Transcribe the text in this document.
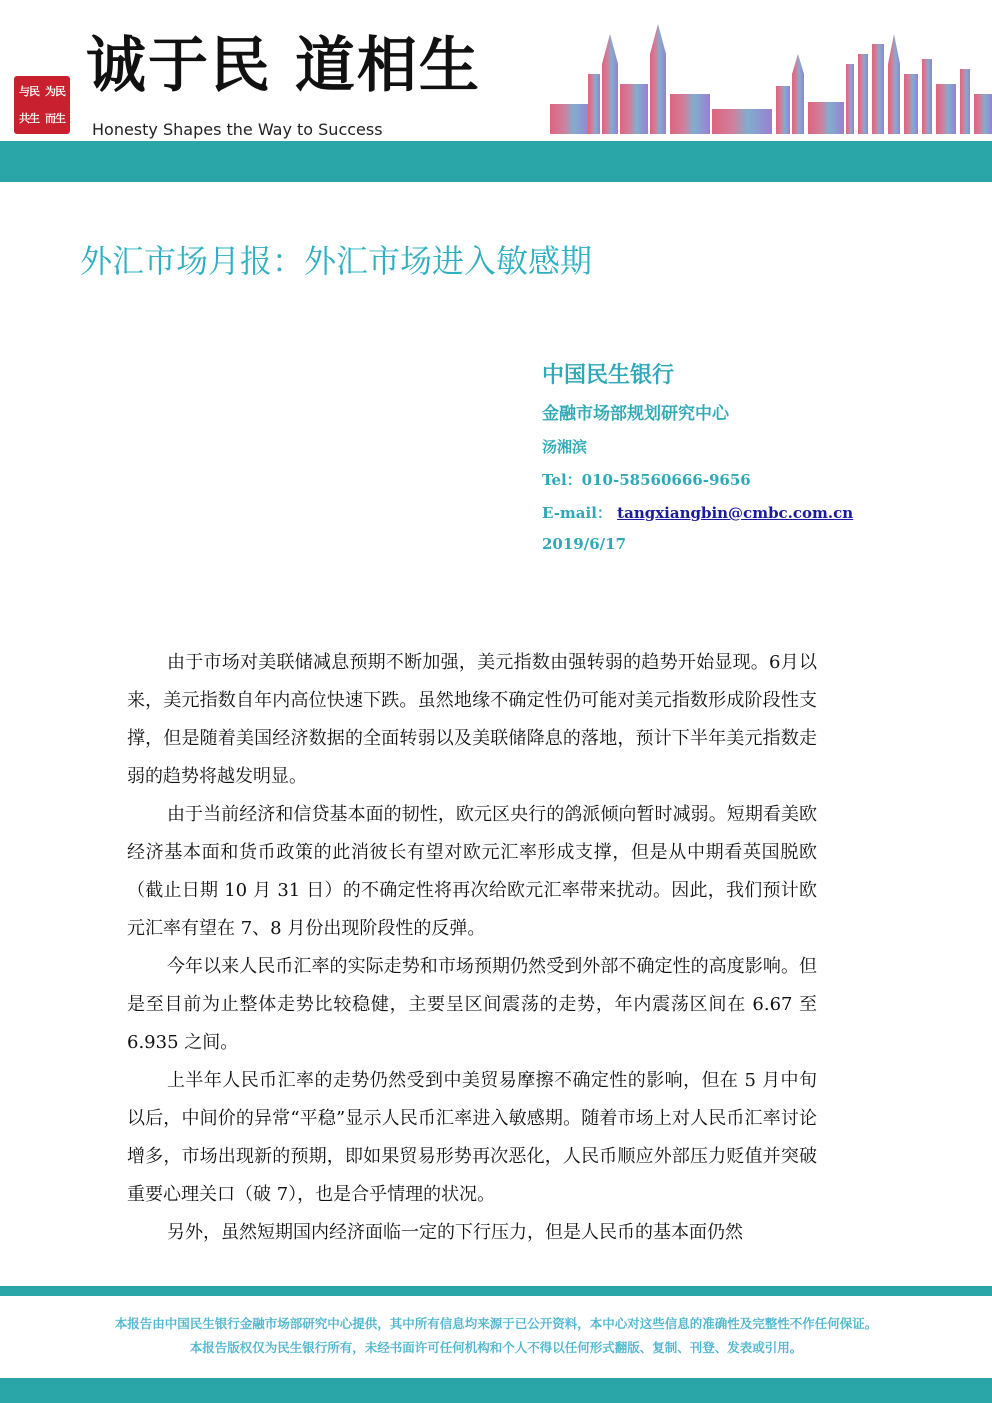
与民 为民
共生 而生
诚于民 道相生
Honesty Shapes the Way to Success
外汇市场月报：外汇市场进入敏感期
中国民生银行
金融市场部规划研究中心
汤湘滨
Tel：010-58560666-9656
E-mail： tangxiangbin@cmbc.com.cn
2019/6/17

由于市场对美联储减息预期不断加强，美元指数由强转弱的趋势开始显现。6月以来，美元指数自年内高位快速下跌。虽然地缘不确定性仍可能对美元指数形成阶段性支撑，但是随着美国经济数据的全面转弱以及美联储降息的落地，预计下半年美元指数走弱的趋势将越发明显。

由于当前经济和信贷基本面的韧性，欧元区央行的鸽派倾向暂时减弱。短期看美欧经济基本面和货币政策的此消彼长有望对欧元汇率形成支撑，但是从中期看英国脱欧（截止日期 10 月 31 日）的不确定性将再次给欧元汇率带来扰动。因此，我们预计欧元汇率有望在 7、8 月份出现阶段性的反弹。

今年以来人民币汇率的实际走势和市场预期仍然受到外部不确定性的高度影响。但是至目前为止整体走势比较稳健，主要呈区间震荡的走势，年内震荡区间在 6.67 至 6.935 之间。

上半年人民币汇率的走势仍然受到中美贸易摩擦不确定性的影响，但在 5 月中旬以后，中间价的异常“平稳”显示人民币汇率进入敏感期。随着市场上对人民币汇率讨论增多，市场出现新的预期，即如果贸易形势再次恶化，人民币顺应外部压力贬值并突破重要心理关口（破 7），也是合乎情理的状况。

另外，虽然短期国内经济面临一定的下行压力，但是人民币的基本面仍然

本报告由中国民生银行金融市场部研究中心提供，其中所有信息均来源于已公开资料，本中心对这些信息的准确性及完整性不作任何保证。
本报告版权仅为民生银行所有，未经书面许可任何机构和个人不得以任何形式翻版、复制、刊登、发表或引用。
